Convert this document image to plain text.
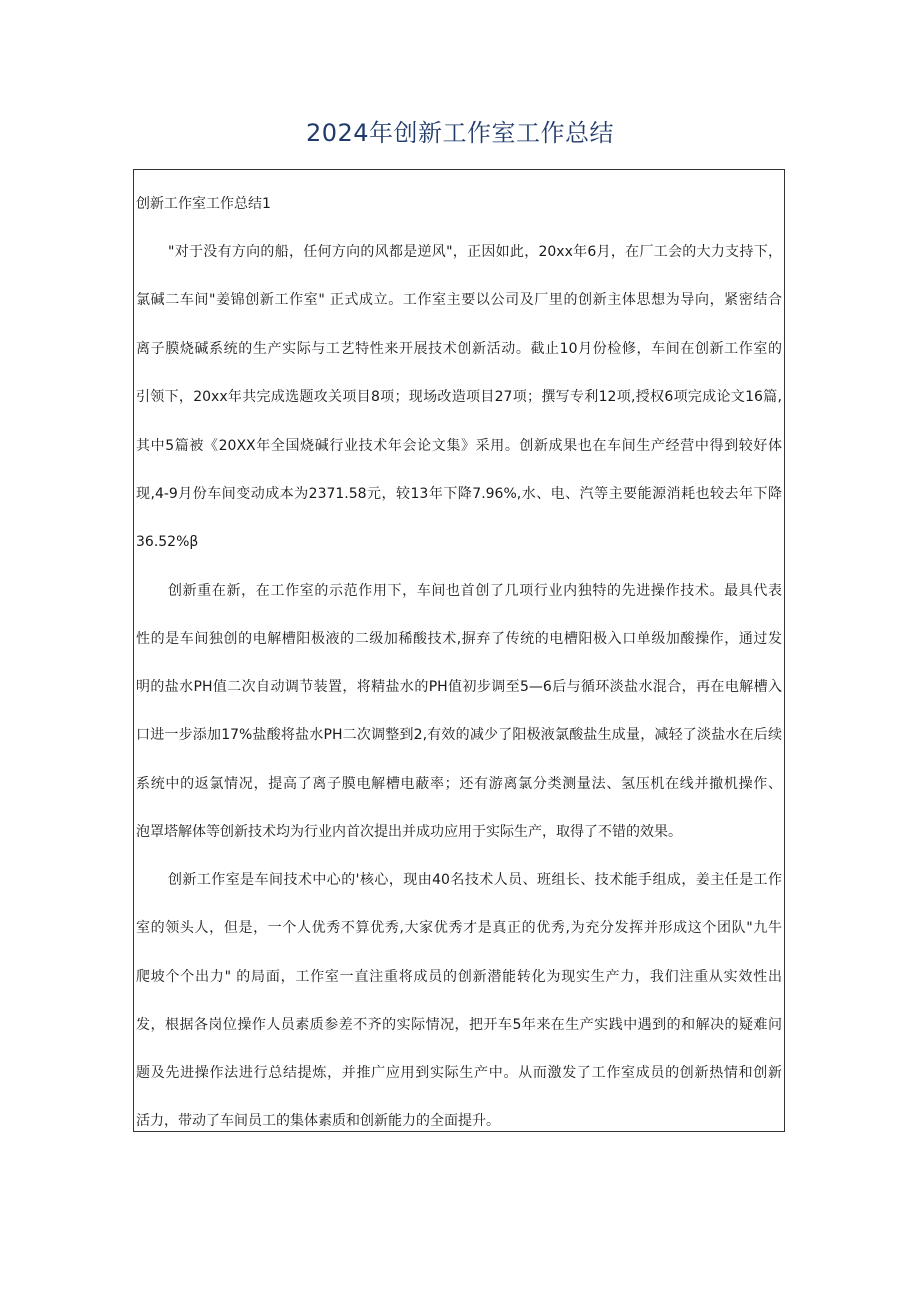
2024年创新工作室工作总结
创新工作室工作总结1
"对于没有方向的船，任何方向的风都是逆风"，正因如此，20xx年6月，在厂工会的大力支持下，
氯碱二车间"姜锦创新工作室" 正式成立。工作室主要以公司及厂里的创新主体思想为导向，紧密结合
离子膜烧碱系统的生产实际与工艺特性来开展技术创新活动。截止10月份检修，车间在创新工作室的
引领下，20xx年共完成选题攻关项目8项；现场改造项目27项；撰写专利12项,授权6项完成论文16篇,
其中5篇被《20XX年全国烧碱行业技术年会论文集》采用。创新成果也在车间生产经营中得到较好体
现,4-9月份车间变动成本为2371.58元，较13年下降7.96%,水、电、汽等主要能源消耗也较去年下降
36.52%β
创新重在新，在工作室的示范作用下，车间也首创了几项行业内独特的先进操作技术。最具代表
性的是车间独创的电解槽阳极液的二级加稀酸技术,摒弃了传统的电槽阳极入口单级加酸操作，通过发
明的盐水PH值二次自动调节装置，将精盐水的PH值初步调至5—6后与循环淡盐水混合，再在电解槽入
口进一步添加17%盐酸将盐水PH二次调整到2,有效的减少了阳极液氯酸盐生成量，减轻了淡盐水在后续
系统中的返氯情况，提高了离子膜电解槽电蔽率；还有游离氯分类测量法、氢压机在线并撤机操作、
泡罩塔解体等创新技术均为行业内首次提出并成功应用于实际生产，取得了不错的效果。
创新工作室是车间技术中心的'核心，现由40名技术人员、班组长、技术能手组成，姜主任是工作
室的领头人，但是，一个人优秀不算优秀,大家优秀才是真正的优秀,为充分发挥并形成这个团队"九牛
爬坡个个出力" 的局面，工作室一直注重将成员的创新潜能转化为现实生产力，我们注重从实效性出
发，根据各岗位操作人员素质参差不齐的实际情况，把开车5年来在生产实践中遇到的和解决的疑难问
题及先进操作法进行总结提炼，并推广应用到实际生产中。从而激发了工作室成员的创新热情和创新
活力，带动了车间员工的集体素质和创新能力的全面提升。
